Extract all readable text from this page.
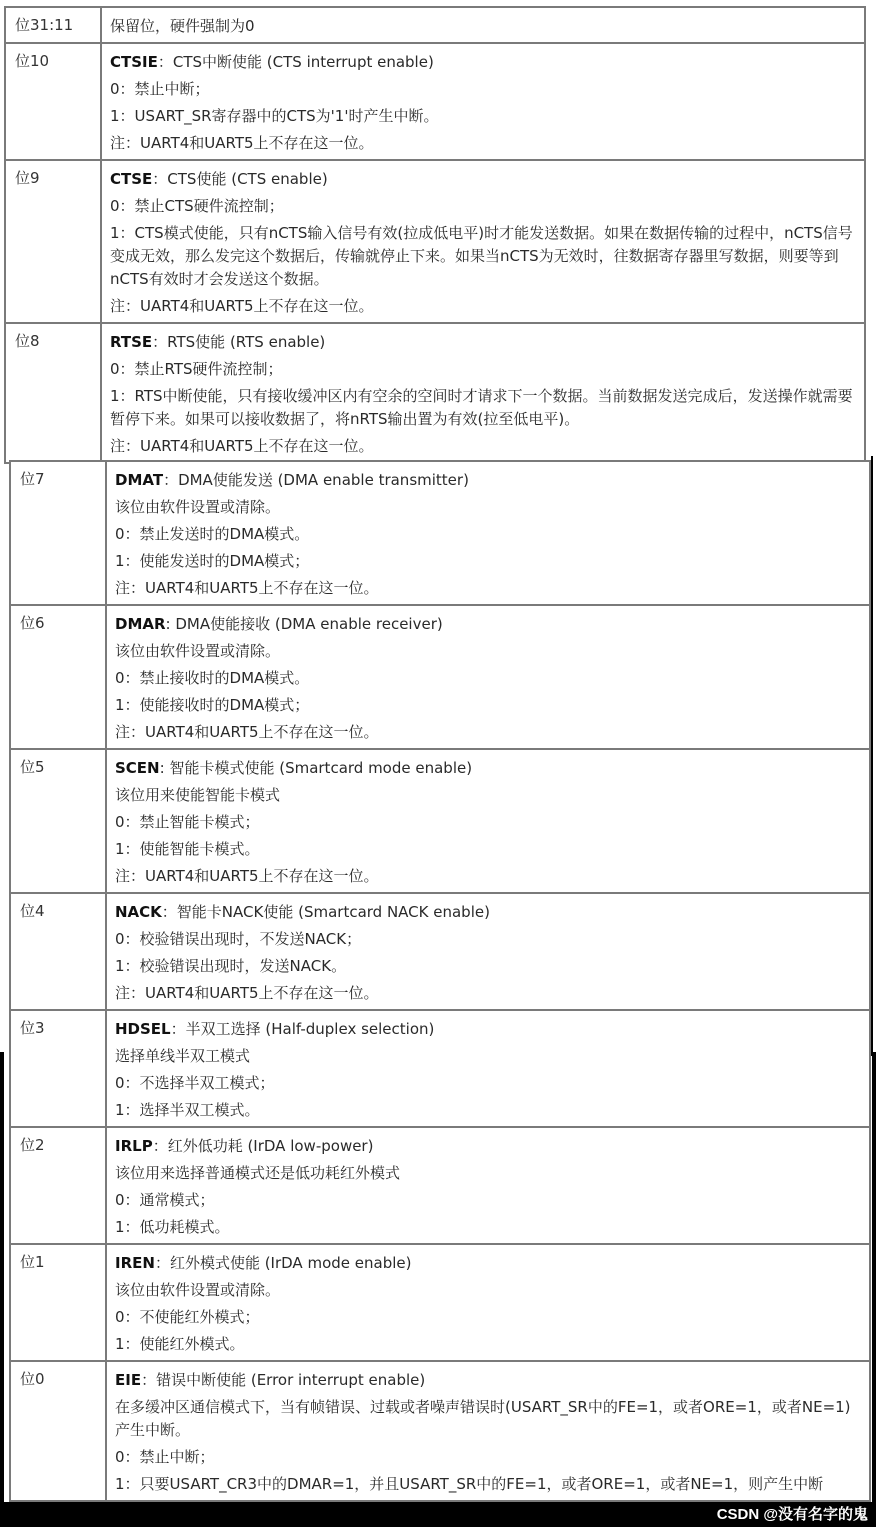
位31:11	保留位，硬件强制为0

位10	CTSIE：CTS中断使能 (CTS interrupt enable)
0：禁止中断；
1：USART_SR寄存器中的CTS为'1'时产生中断。
注：UART4和UART5上不存在这一位。

位9	CTSE：CTS使能 (CTS enable)
0：禁止CTS硬件流控制；
1：CTS模式使能，只有nCTS输入信号有效(拉成低电平)时才能发送数据。如果在数据传输的过程中，nCTS信号变成无效，那么发完这个数据后，传输就停止下来。如果当nCTS为无效时，往数据寄存器里写数据，则要等到nCTS有效时才会发送这个数据。
注：UART4和UART5上不存在这一位。

位8	RTSE：RTS使能 (RTS enable)
0：禁止RTS硬件流控制；
1：RTS中断使能，只有接收缓冲区内有空余的空间时才请求下一个数据。当前数据发送完成后，发送操作就需要暂停下来。如果可以接收数据了，将nRTS输出置为有效(拉至低电平)。
注：UART4和UART5上不存在这一位。
位7	DMAT：DMA使能发送 (DMA enable transmitter)
该位由软件设置或清除。
0：禁止发送时的DMA模式。
1：使能发送时的DMA模式；
注：UART4和UART5上不存在这一位。

位6	DMAR: DMA使能接收 (DMA enable receiver)
该位由软件设置或清除。
0：禁止接收时的DMA模式。
1：使能接收时的DMA模式；
注：UART4和UART5上不存在这一位。

位5	SCEN: 智能卡模式使能 (Smartcard mode enable)
该位用来使能智能卡模式
0：禁止智能卡模式；
1：使能智能卡模式。
注：UART4和UART5上不存在这一位。

位4	NACK：智能卡NACK使能 (Smartcard NACK enable)
0：校验错误出现时，不发送NACK；
1：校验错误出现时，发送NACK。
注：UART4和UART5上不存在这一位。

位3	HDSEL：半双工选择 (Half-duplex selection)
选择单线半双工模式
0：不选择半双工模式；
1：选择半双工模式。

位2	IRLP：红外低功耗 (IrDA low-power)
该位用来选择普通模式还是低功耗红外模式
0：通常模式；
1：低功耗模式。

位1	IREN：红外模式使能 (IrDA mode enable)
该位由软件设置或清除。
0：不使能红外模式；
1：使能红外模式。

位0	EIE：错误中断使能 (Error interrupt enable)
在多缓冲区通信模式下，当有帧错误、过载或者噪声错误时(USART_SR中的FE=1，或者ORE=1，或者NE=1)产生中断。
0：禁止中断；
1：只要USART_CR3中的DMAR=1，并且USART_SR中的FE=1，或者ORE=1，或者NE=1，则产生中断
CSDN @没有名字的鬼
